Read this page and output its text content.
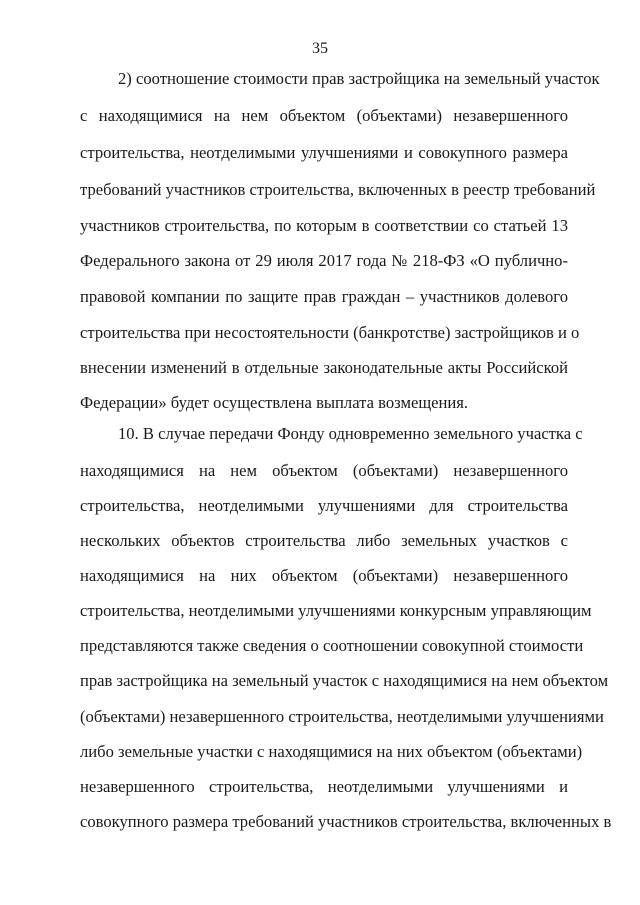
35
2) соотношение стоимости прав застройщика на земельный участок
с находящимися на нем объектом (объектами) незавершенного
строительства, неотделимыми улучшениями и совокупного размера
требований участников строительства, включенных в реестр требований
участников строительства, по которым в соответствии со статьей 13
Федерального закона от 29 июля 2017 года № 218-ФЗ «О публично-
правовой компании по защите прав граждан – участников долевого
строительства при несостоятельности (банкротстве) застройщиков и о
внесении изменений в отдельные законодательные акты Российской
Федерации» будет осуществлена выплата возмещения.
10. В случае передачи Фонду одновременно земельного участка с
находящимися на нем объектом (объектами) незавершенного
строительства, неотделимыми улучшениями для строительства
нескольких объектов строительства либо земельных участков с
находящимися на них объектом (объектами) незавершенного
строительства, неотделимыми улучшениями конкурсным управляющим
представляются также сведения о соотношении совокупной стоимости
прав застройщика на земельный участок с находящимися на нем объектом
(объектами) незавершенного строительства, неотделимыми улучшениями
либо земельные участки с находящимися на них объектом (объектами)
незавершенного строительства, неотделимыми улучшениями и
совокупного размера требований участников строительства, включенных в
